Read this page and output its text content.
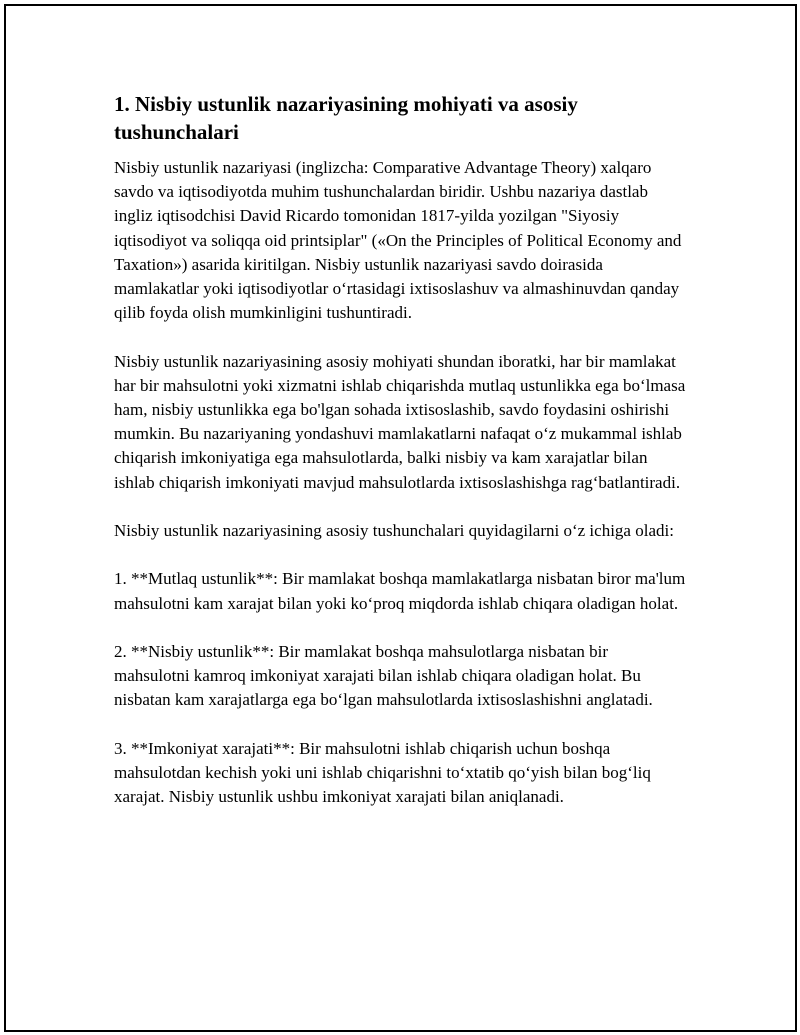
1. Nisbiy ustunlik nazariyasining mohiyati va asosiy tushunchalari

Nisbiy ustunlik nazariyasi (inglizcha: Comparative Advantage Theory) xalqaro savdo va iqtisodiyotda muhim tushunchalardan biridir. Ushbu nazariya dastlab ingliz iqtisodchisi David Ricardo tomonidan 1817-yilda yozilgan "Siyosiy iqtisodiyot va soliqqa oid printsiplar" («On the Principles of Political Economy and Taxation») asarida kiritilgan. Nisbiy ustunlik nazariyasi savdo doirasida mamlakatlar yoki iqtisodiyotlar oʻrtasidagi ixtisoslashuv va almashinuvdan qanday qilib foyda olish mumkinligini tushuntiradi.

Nisbiy ustunlik nazariyasining asosiy mohiyati shundan iboratki, har bir mamlakat har bir mahsulotni yoki xizmatni ishlab chiqarishda mutlaq ustunlikka ega boʻlmasa ham, nisbiy ustunlikka ega bo'lgan sohada ixtisoslashib, savdo foydasini oshirishi mumkin. Bu nazariyaning yondashuvi mamlakatlarni nafaqat oʻz mukammal ishlab chiqarish imkoniyatiga ega mahsulotlarda, balki nisbiy va kam xarajatlar bilan ishlab chiqarish imkoniyati mavjud mahsulotlarda ixtisoslashishga ragʻbatlantiradi.

Nisbiy ustunlik nazariyasining asosiy tushunchalari quyidagilarni oʻz ichiga oladi:

1. **Mutlaq ustunlik**: Bir mamlakat boshqa mamlakatlarga nisbatan biror ma'lum mahsulotni kam xarajat bilan yoki koʻproq miqdorda ishlab chiqara oladigan holat.

2. **Nisbiy ustunlik**: Bir mamlakat boshqa mahsulotlarga nisbatan bir mahsulotni kamroq imkoniyat xarajati bilan ishlab chiqara oladigan holat. Bu nisbatan kam xarajatlarga ega boʻlgan mahsulotlarda ixtisoslashishni anglatadi.

3. **Imkoniyat xarajati**: Bir mahsulotni ishlab chiqarish uchun boshqa mahsulotdan kechish yoki uni ishlab chiqarishni toʻxtatib qoʻyish bilan bogʻliq xarajat. Nisbiy ustunlik ushbu imkoniyat xarajati bilan aniqlanadi.
